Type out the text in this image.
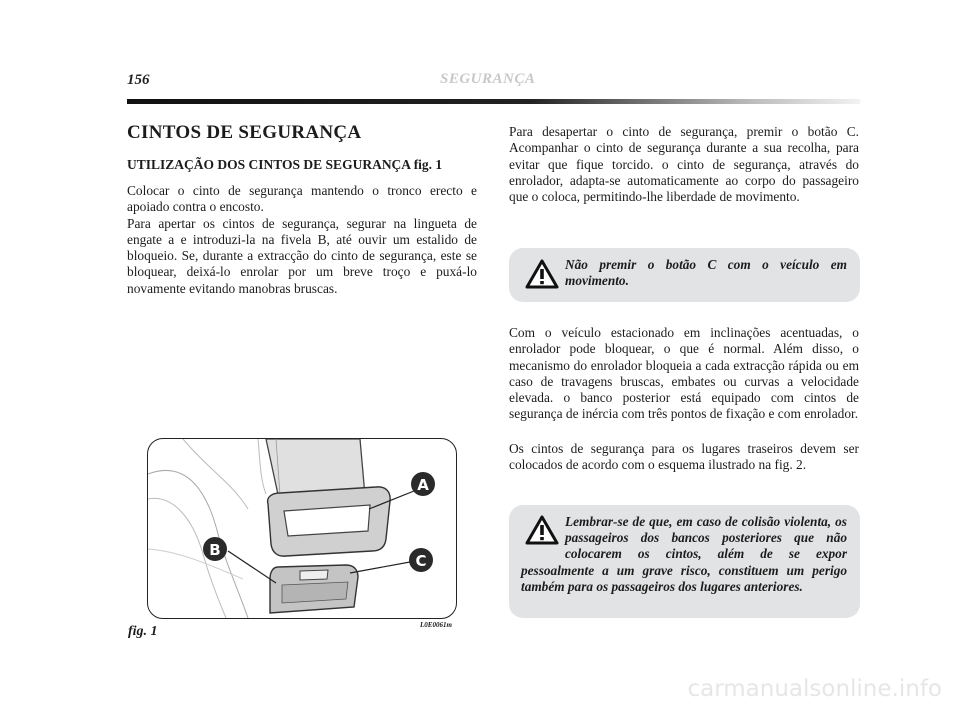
156	SEGURANÇA
CINTOS DE SEGURANÇA
UTILIZAÇÃO DOS CINTOS DE SEGURANÇA fig. 1

Colocar o cinto de segurança mantendo o tronco erecto e apoiado contra o encosto.

Para apertar os cintos de segurança, segurar na lingueta de engate a e introduzi-la na fivela B, até ouvir um estalido de bloqueio. Se, durante a extracção do cinto de segurança, este se bloquear, deixá-lo enrolar por um breve troço e puxá-lo novamente evitando manobras bruscas.

A
B
C
fig. 1	L0E0061m

Para desapertar o cinto de segurança, premir o botão C. Acompanhar o cinto de segurança durante a sua recolha, para evitar que fique torcido. o cinto de segurança, através do enrolador, adapta-se automaticamente ao corpo do passageiro que o coloca, permitindo-lhe liberdade de movimento.

Não premir o botão C com o veículo em movimento.

Com o veículo estacionado em inclinações acentuadas, o enrolador pode bloquear, o que é normal. Além disso, o mecanismo do enrolador bloqueia a cada extracção rápida ou em caso de travagens bruscas, embates ou curvas a velocidade elevada. o banco posterior está equipado com cintos de segurança de inércia com três pontos de fixação e com enrolador.

Os cintos de segurança para os lugares traseiros devem ser colocados de acordo com o esquema ilustrado na fig. 2.

Lembrar-se de que, em caso de colisão violenta, os passageiros dos bancos posteriores que não colocarem os cintos, além de se expor pessoalmente a um grave risco, constituem um perigo também para os passageiros dos lugares anteriores.

carmanualsonline.info
